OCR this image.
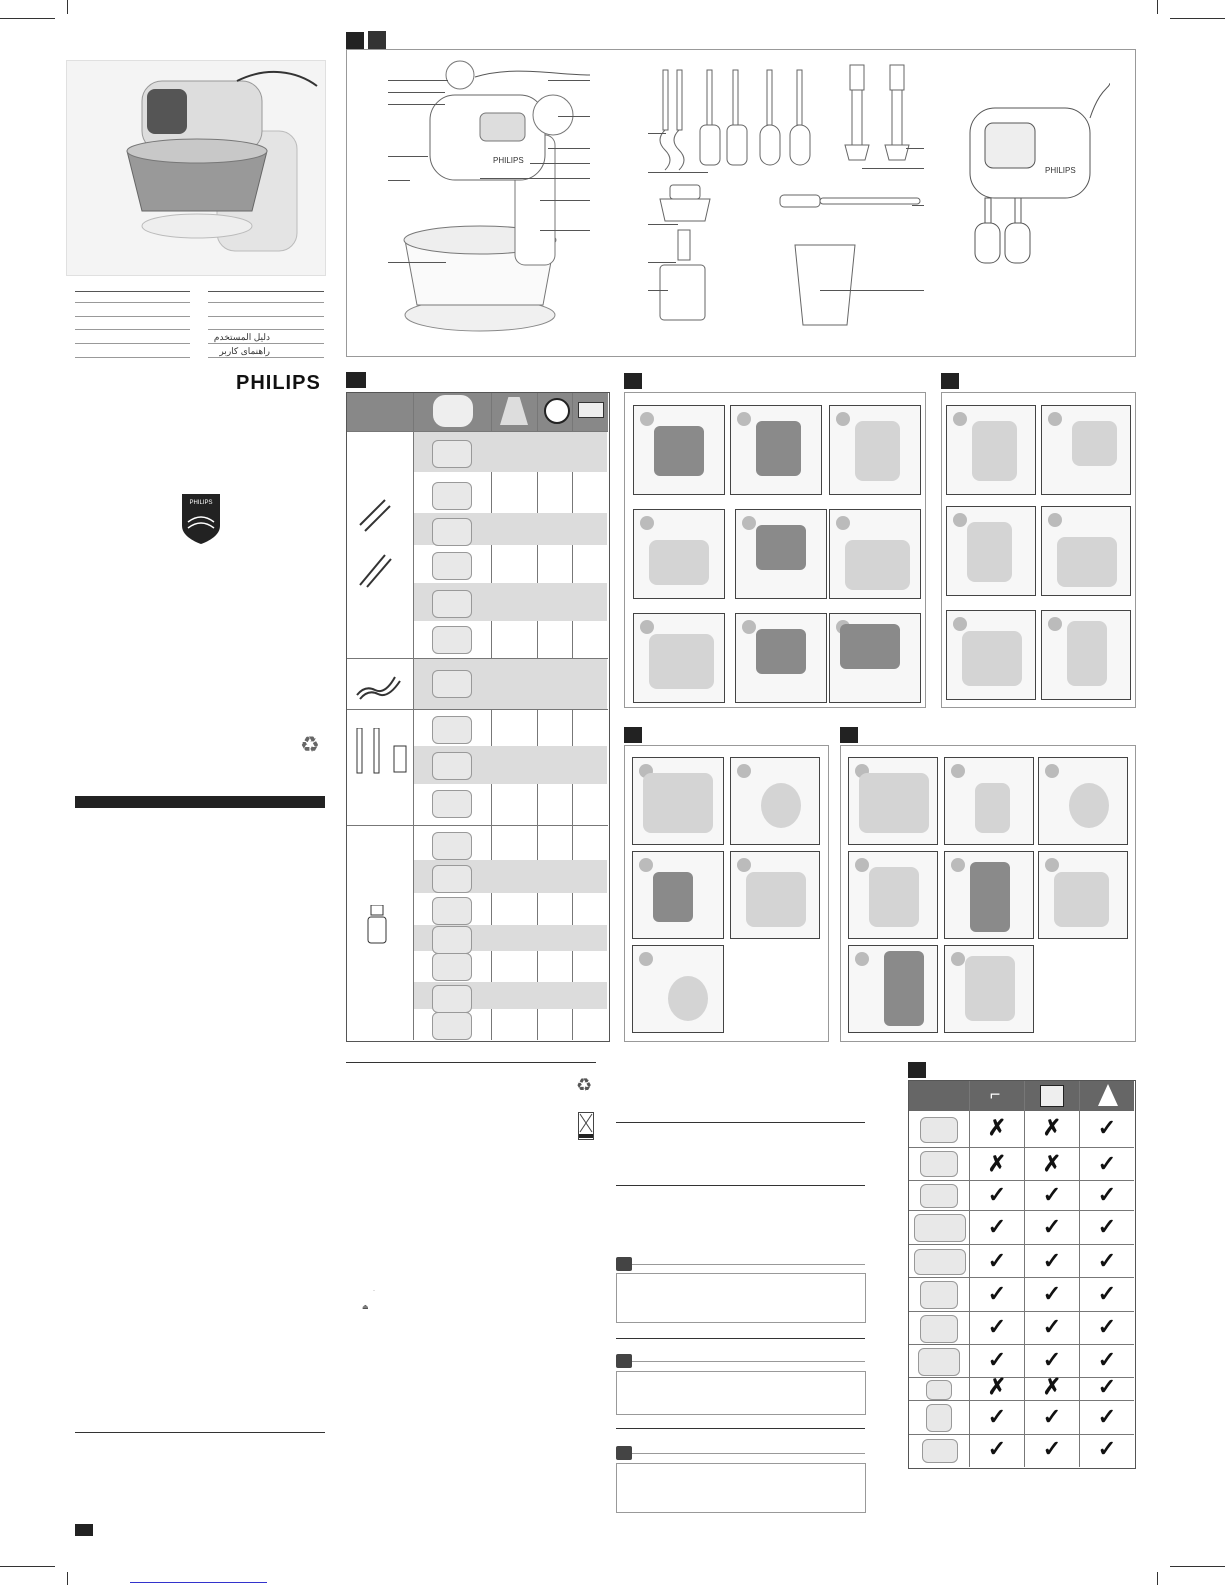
دليل المستخدم
راهنمای کاربر
PHILIPS
PHILIPS
♻
PHILIPS
PHILIPS
♻
·
⏏
⌐
✗	✗	✓
✗	✗	✓
✓	✓	✓
✓	✓	✓
✓	✓	✓
✓	✓	✓
✓	✓	✓
✓	✓	✓
✗	✗	✓
✓	✓	✓
✓	✓	✓
